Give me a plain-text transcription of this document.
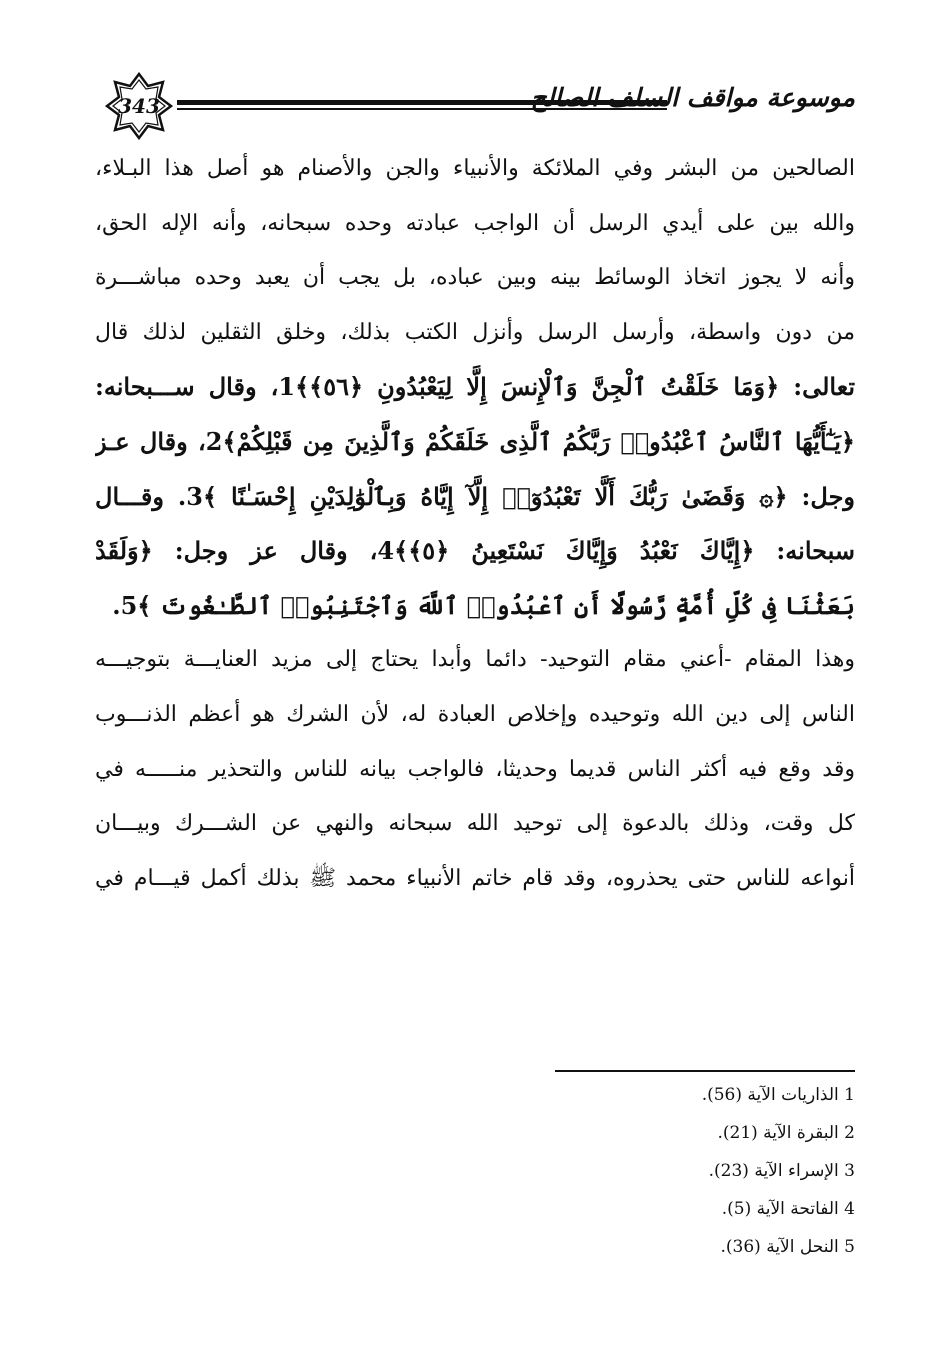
343	موسوعة مواقف السلف الصالح
الصالحين من البشر وفي الملائكة والأنبياء والجن والأصنام هو أصل هذا البـلاء،
والله بين على أيدي الرسل أن الواجب عبادته وحده سبحانه، وأنه الإله الحق،
وأنه لا يجوز اتخاذ الوسائط بينه وبين عباده، بل يجب أن يعبد وحده مباشـــرة
من دون واسطة، وأرسل الرسل وأنزل الكتب بذلك، وخلق الثقلين لذلك قال
تعالى: ﴿وَمَا خَلَقْتُ ٱلْجِنَّ وَٱلْإِنسَ إِلَّا لِيَعْبُدُونِ ﴿٥٦﴾﴾1، وقال ســـبحانه:
﴿يَـٰٓأَيُّهَا ٱلنَّاسُ ٱعْبُدُوا۟ رَبَّكُمُ ٱلَّذِى خَلَقَكُمْ وَٱلَّذِينَ مِن قَبْلِكُمْ﴾2، وقال عـز
وجل: ﴿۞ وَقَضَىٰ رَبُّكَ أَلَّا تَعْبُدُوٓا۟ إِلَّآ إِيَّاهُ وَبِٱلْوَٰلِدَيْنِ إِحْسَـٰنًا ﴾3. وقـــال
سبحانه: ﴿إِيَّاكَ نَعْبُدُ وَإِيَّاكَ نَسْتَعِينُ ﴿٥﴾﴾4، وقال عز وجل: ﴿وَلَقَدْ
بَعَثْنَا فِى كُلِّ أُمَّةٍ رَّسُولًا أَنِ ٱعْبُدُوا۟ ٱللَّهَ وَٱجْتَنِبُوا۟ ٱلطَّـٰغُوتَ ﴾5.
وهذا المقام -أعني مقام التوحيد- دائما وأبدا يحتاج إلى مزيد العنايـــة بتوجيـــه
الناس إلى دين الله وتوحيده وإخلاص العبادة له، لأن الشرك هو أعظم الذنـــوب
وقد وقع فيه أكثر الناس قديما وحديثا، فالواجب بيانه للناس والتحذير منـــــه في
كل وقت، وذلك بالدعوة إلى توحيد الله سبحانه والنهي عن الشـــرك وبيـــان
أنواعه للناس حتى يحذروه، وقد قام خاتم الأنبياء محمد ﷺ بذلك أكمل قيـــام في
1 الذاريات الآية (56).
2 البقرة الآية (21).
3 الإسراء الآية (23).
4 الفاتحة الآية (5).
5 النحل الآية (36).
